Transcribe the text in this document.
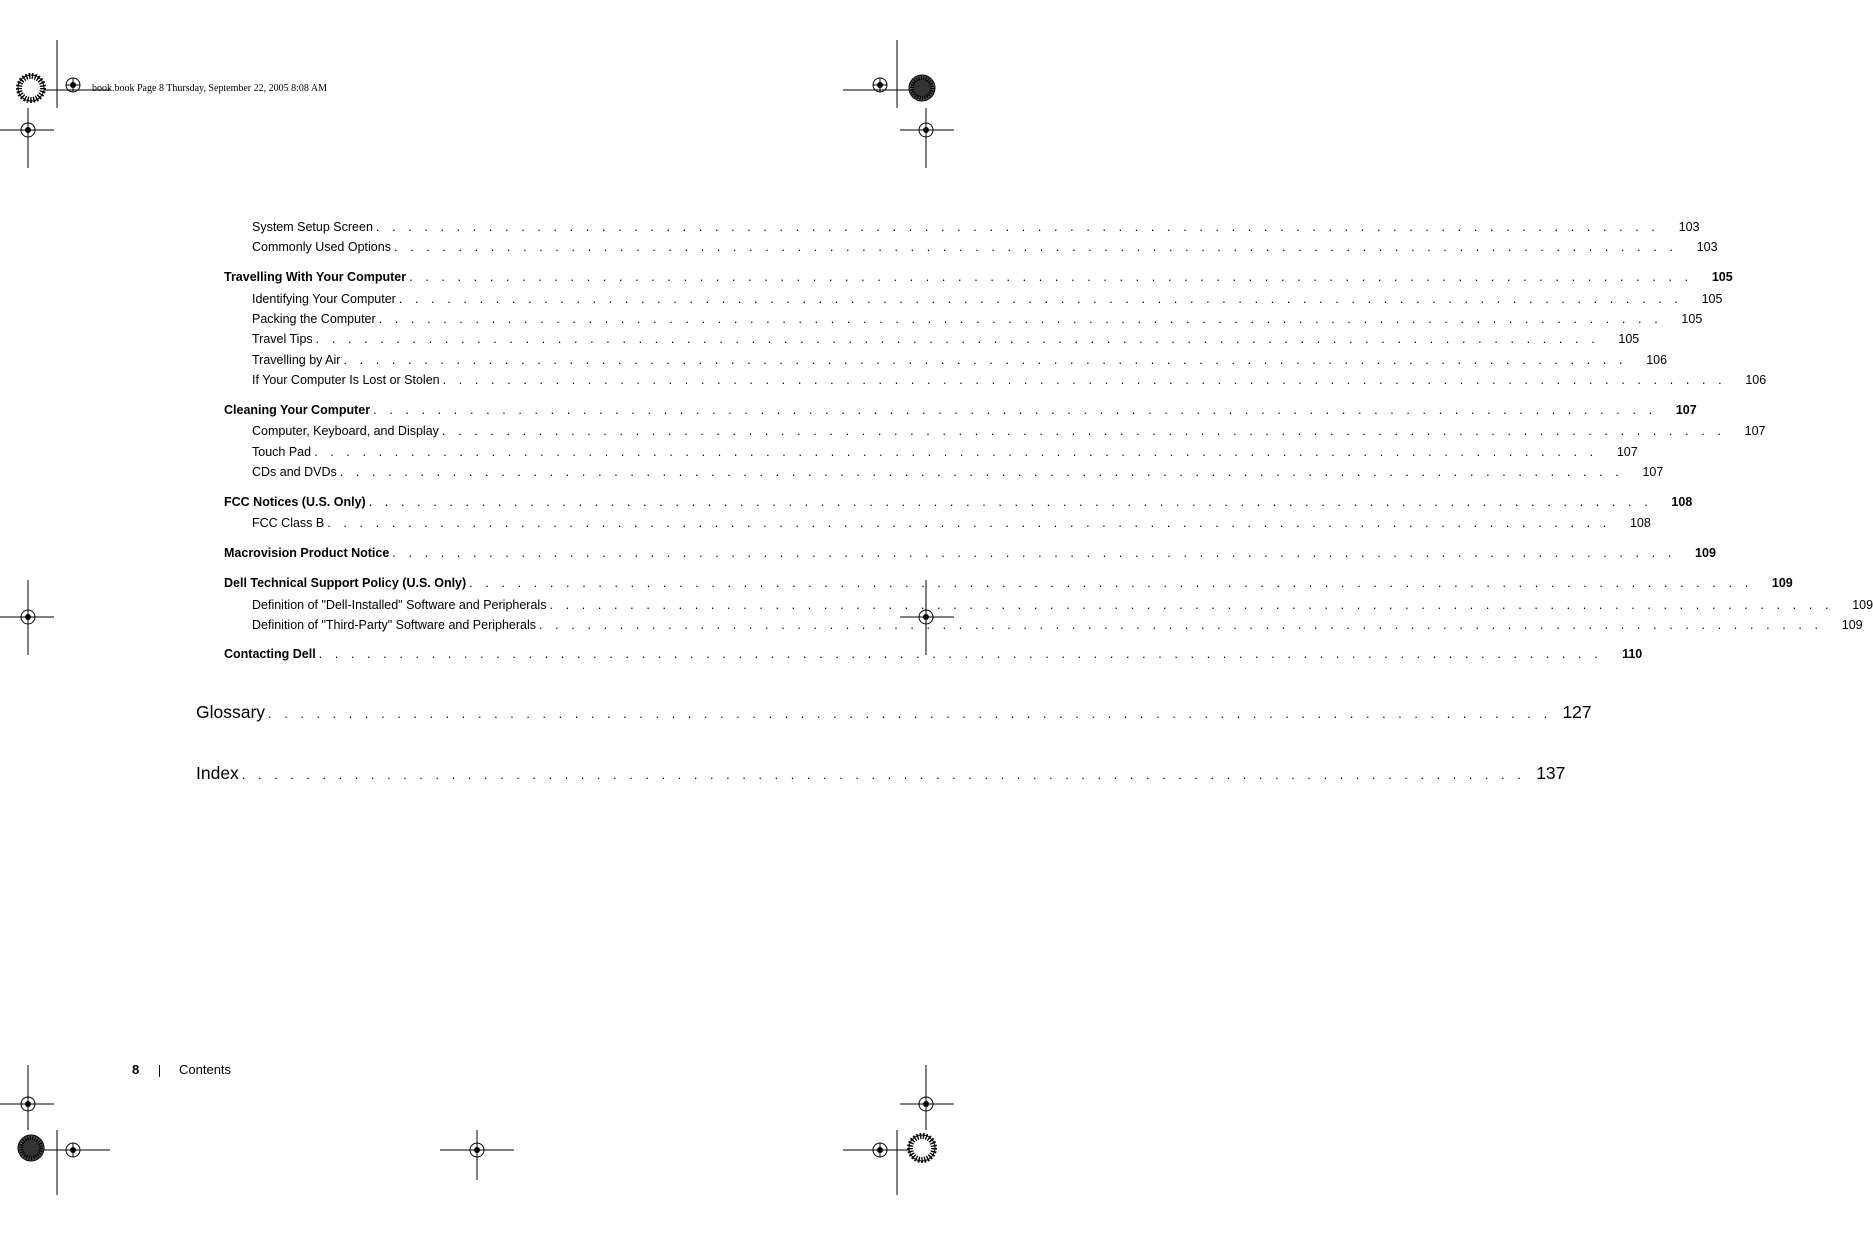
book.book Page 8 Thursday, September 22, 2005 8:08 AM
System Setup Screen . . . . . . . . . . . . . . . . . . . . . . . . . . . . . . . . . . . . . . . . . . . . . . . . . . . . . . . . . . . . . . . . . . . . . . . . . . . . . . . .	103
Commonly Used Options . . . . . . . . . . . . . . . . . . . . . . . . . . . . . . . . . . . . . . . . . . . . . . . . . . . . . . . . . . . . . . . . . . . . . . . . . . . . . . . .	103
Travelling With Your Computer . . . . . . . . . . . . . . . . . . . . . . . . . . . . . . . . . . . . . . . . . . . . . . . . . . . . . . . . . . . . . . . . . . . . . . . . . . . . . . . .	105
Identifying Your Computer . . . . . . . . . . . . . . . . . . . . . . . . . . . . . . . . . . . . . . . . . . . . . . . . . . . . . . . . . . . . . . . . . . . . . . . . . . . . . . . .	105
Packing the Computer . . . . . . . . . . . . . . . . . . . . . . . . . . . . . . . . . . . . . . . . . . . . . . . . . . . . . . . . . . . . . . . . . . . . . . . . . . . . . . . .	105
Travel Tips . . . . . . . . . . . . . . . . . . . . . . . . . . . . . . . . . . . . . . . . . . . . . . . . . . . . . . . . . . . . . . . . . . . . . . . . . . . . . . . .	105
Travelling by Air . . . . . . . . . . . . . . . . . . . . . . . . . . . . . . . . . . . . . . . . . . . . . . . . . . . . . . . . . . . . . . . . . . . . . . . . . . . . . . . .	106
If Your Computer Is Lost or Stolen . . . . . . . . . . . . . . . . . . . . . . . . . . . . . . . . . . . . . . . . . . . . . . . . . . . . . . . . . . . . . . . . . . . . . . . . . . . . . . . .	106
Cleaning Your Computer . . . . . . . . . . . . . . . . . . . . . . . . . . . . . . . . . . . . . . . . . . . . . . . . . . . . . . . . . . . . . . . . . . . . . . . . . . . . . . . .	107
Computer, Keyboard, and Display . . . . . . . . . . . . . . . . . . . . . . . . . . . . . . . . . . . . . . . . . . . . . . . . . . . . . . . . . . . . . . . . . . . . . . . . . . . . . . . .	107
Touch Pad . . . . . . . . . . . . . . . . . . . . . . . . . . . . . . . . . . . . . . . . . . . . . . . . . . . . . . . . . . . . . . . . . . . . . . . . . . . . . . . .	107
CDs and DVDs . . . . . . . . . . . . . . . . . . . . . . . . . . . . . . . . . . . . . . . . . . . . . . . . . . . . . . . . . . . . . . . . . . . . . . . . . . . . . . . .	107
FCC Notices (U.S. Only) . . . . . . . . . . . . . . . . . . . . . . . . . . . . . . . . . . . . . . . . . . . . . . . . . . . . . . . . . . . . . . . . . . . . . . . . . . . . . . . .	108
FCC Class B . . . . . . . . . . . . . . . . . . . . . . . . . . . . . . . . . . . . . . . . . . . . . . . . . . . . . . . . . . . . . . . . . . . . . . . . . . . . . . . .	108
Macrovision Product Notice . . . . . . . . . . . . . . . . . . . . . . . . . . . . . . . . . . . . . . . . . . . . . . . . . . . . . . . . . . . . . . . . . . . . . . . . . . . . . . . .	109
Dell Technical Support Policy (U.S. Only) . . . . . . . . . . . . . . . . . . . . . . . . . . . . . . . . . . . . . . . . . . . . . . . . . . . . . . . . . . . . . . . . . . . . . . . . . . . . . . . .	109
Definition of "Dell-Installed" Software and Peripherals . . . . . . . . . . . . . . . . . . . . . . . . . . . . . . . . . . . . . . . . . . . . . . . . . . . . . . . . . . . . . . . . . . . . . . . . . . . . . . . .	109
Definition of "Third-Party" Software and Peripherals . . . . . . . . . . . . . . . . . . . . . . . . . . . . . . . . . . . . . . . . . . . . . . . . . . . . . . . . . . . . . . . . . . . . . . . . . . . . . . . .	109
Contacting Dell . . . . . . . . . . . . . . . . . . . . . . . . . . . . . . . . . . . . . . . . . . . . . . . . . . . . . . . . . . . . . . . . . . . . . . . . . . . . . . . .	110
Glossary . . . . . . . . . . . . . . . . . . . . . . . . . . . . . . . . . . . . . . . . . . . . . . . . . . . . . . . . . . . . . . . . . . . . . . . . . . . . . . . . 127
Index . . . . . . . . . . . . . . . . . . . . . . . . . . . . . . . . . . . . . . . . . . . . . . . . . . . . . . . . . . . . . . . . . . . . . . . . . . . . . . . . 137
8	Contents
